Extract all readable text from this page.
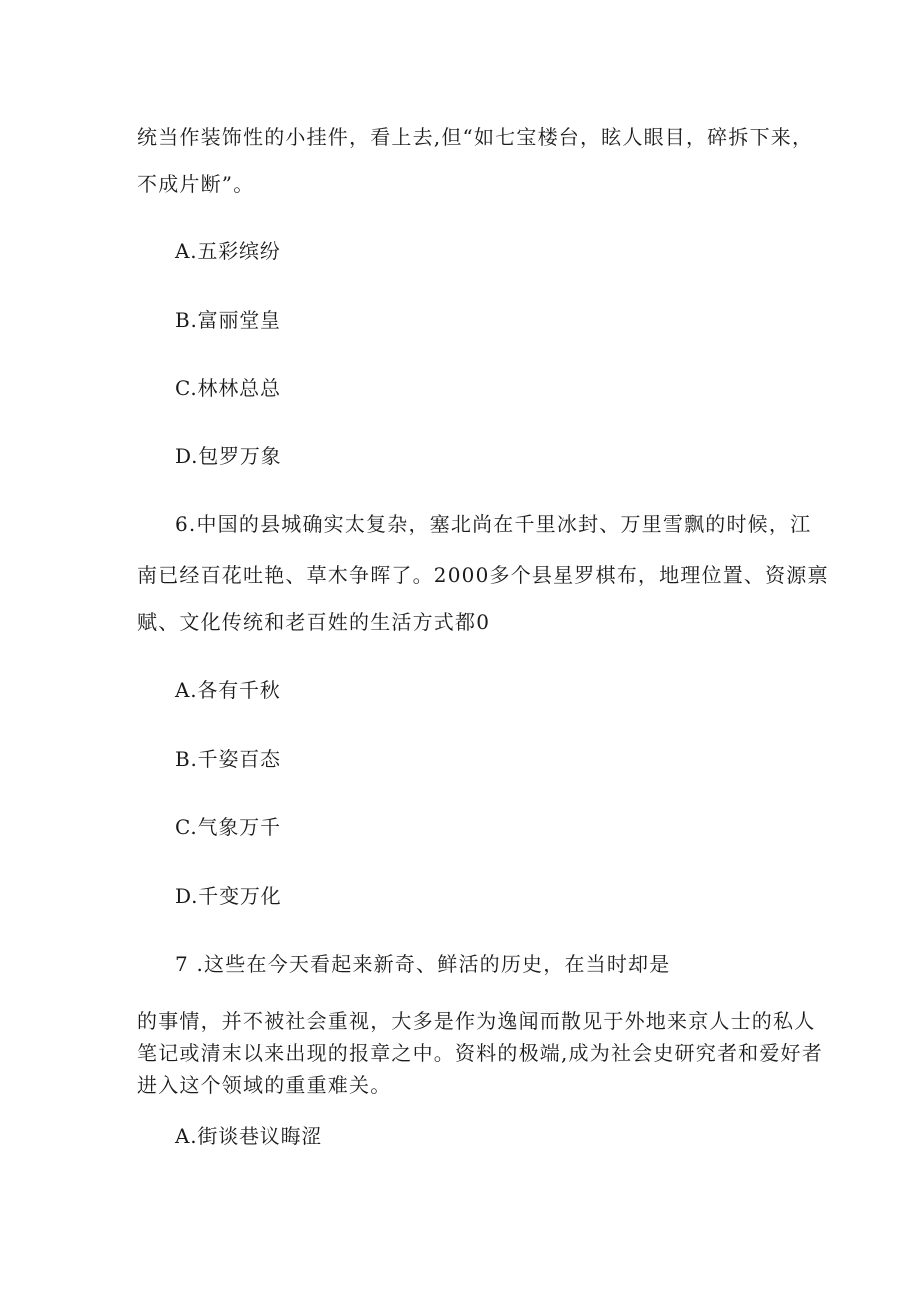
统当作装饰性的小挂件，看上去,但“如七宝楼台，眩人眼目，碎拆下来，

不成片断”。

A.五彩缤纷

B.富丽堂皇

C.林林总总

D.包罗万象

6.中国的县城确实太复杂，塞北尚在千里冰封、万里雪飘的时候，江

南已经百花吐艳、草木争晖了。2000多个县星罗棋布，地理位置、资源禀

赋、文化传统和老百姓的生活方式都0

A.各有千秋

B.千姿百态

C.气象万千

D.千变万化

7 .这些在今天看起来新奇、鲜活的历史，在当时却是

的事情，并不被社会重视，大多是作为逸闻而散见于外地来京人士的私人

笔记或清末以来出现的报章之中。资料的极端,成为社会史研究者和爱好者

进入这个领域的重重难关。

A.街谈巷议晦涩
